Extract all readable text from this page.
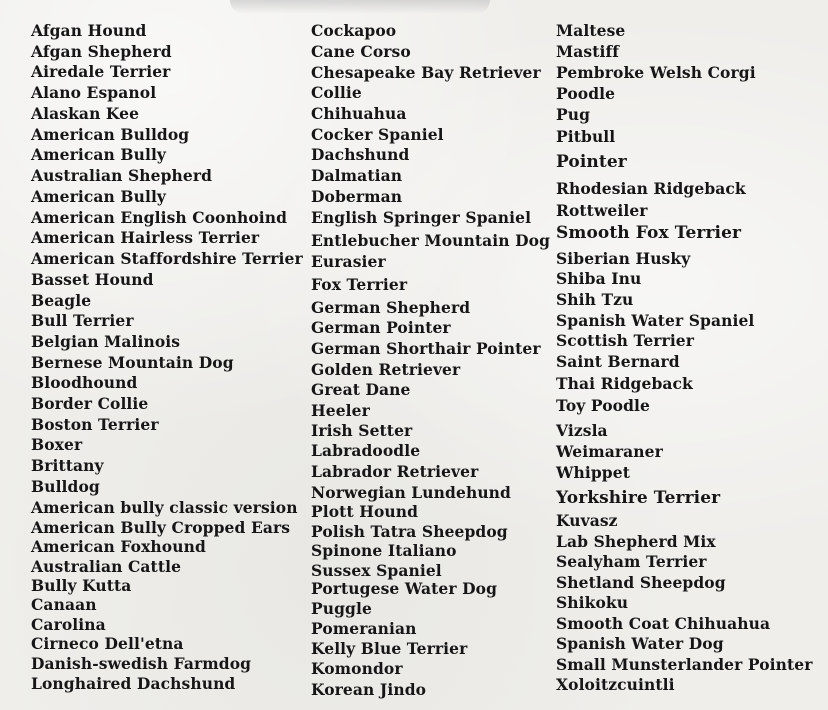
Afgan Hound
Afgan Shepherd
Airedale Terrier
Alano Espanol
Alaskan Kee
American Bulldog
American Bully
Australian Shepherd
American Bully
American English Coonhoind
American Hairless Terrier
American Staffordshire Terrier
Basset Hound
Beagle
Bull Terrier
Belgian Malinois
Bernese Mountain Dog
Bloodhound
Border Collie
Boston Terrier
Boxer
Brittany
Bulldog
American bully classic version
American Bully Cropped Ears
American Foxhound
Australian Cattle
Bully Kutta
Canaan
Carolina
Cirneco Dell'etna
Danish-swedish Farmdog
Longhaired Dachshund
Cockapoo
Cane Corso
Chesapeake Bay Retriever
Collie
Chihuahua
Cocker Spaniel
Dachshund
Dalmatian
Doberman
English Springer Spaniel
Entlebucher Mountain Dog
Eurasier
Fox Terrier
German Shepherd
German Pointer
German Shorthair Pointer
Golden Retriever
Great Dane
Heeler
Irish Setter
Labradoodle
Labrador Retriever
Norwegian Lundehund
Plott Hound
Polish Tatra Sheepdog
Spinone Italiano
Sussex Spaniel
Portugese Water Dog
Puggle
Pomeranian
Kelly Blue Terrier
Komondor
Korean Jindo
Maltese
Mastiff
Pembroke Welsh Corgi
Poodle
Pug
Pitbull
Pointer
Rhodesian Ridgeback
Rottweiler
Smooth Fox Terrier
Siberian Husky
Shiba Inu
Shih Tzu
Spanish Water Spaniel
Scottish Terrier
Saint Bernard
Thai Ridgeback
Toy Poodle
Vizsla
Weimaraner
Whippet
Yorkshire Terrier
Kuvasz
Lab Shepherd Mix
Sealyham Terrier
Shetland Sheepdog
Shikoku
Smooth Coat Chihuahua
Spanish Water Dog
Small Munsterlander Pointer
Xoloitzcuintli
